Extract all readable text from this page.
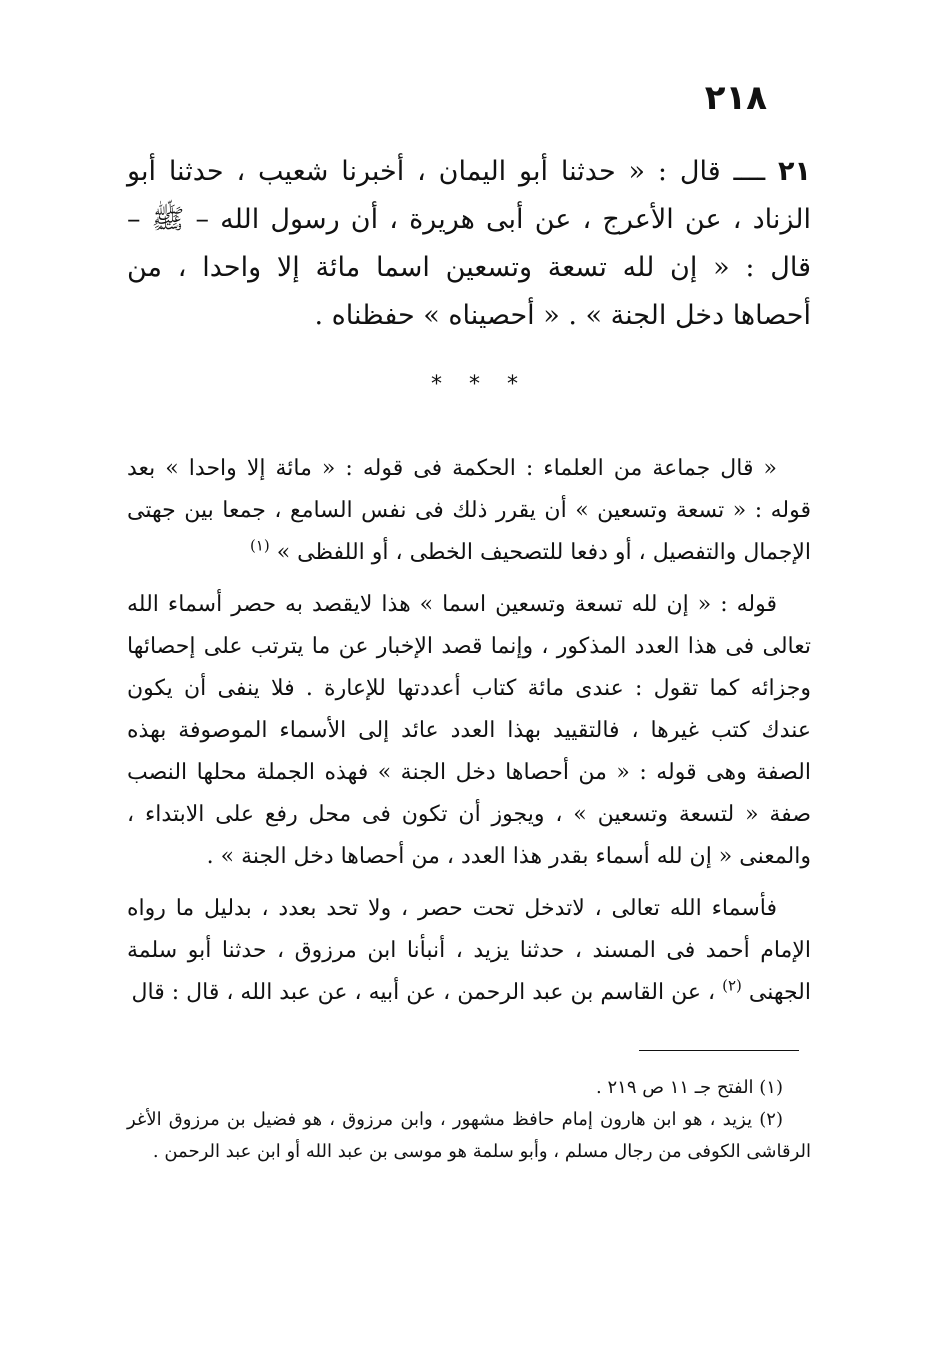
٢١٨
٢١ ــــ قال : « حدثنا أبو اليمان ، أخبرنا شعيب ، حدثنا أبو الزناد ، عن الأعرج ، عن أبى هريرة ، أن رسول الله – ﷺ – قال : « إن لله تسعة وتسعين اسما مائة إلا واحدا ، من أحصاها دخل الجنة » . « أحصيناه » حفظناه .
* * *

« قال جماعة من العلماء : الحكمة فى قوله : « مائة إلا واحدا » بعد قوله : « تسعة وتسعين » أن يقرر ذلك فى نفس السامع ، جمعا بين جهتى الإجمال والتفصيل ، أو دفعا للتصحيف الخطى ، أو اللفظى » $^{(١)}$

قوله : « إن لله تسعة وتسعين اسما » هذا لايقصد به حصر أسماء الله تعالى فى هذا العدد المذكور ، وإنما قصد الإخبار عن ما يترتب على إحصائها وجزائه كما تقول : عندى مائة كتاب أعددتها للإعارة . فلا ينفى أن يكون عندك كتب غيرها ، فالتقييد بهذا العدد عائد إلى الأسماء الموصوفة بهذه الصفة وهى قوله : « من أحصاها دخل الجنة » فهذه الجملة محلها النصب صفة « لتسعة وتسعين » ، ويجوز أن تكون فى محل رفع على الابتداء ، والمعنى « إن لله أسماء بقدر هذا العدد ، من أحصاها دخل الجنة » .

فأسماء الله تعالى ، لاتدخل تحت حصر ، ولا تحد بعدد ، بدليل ما رواه الإمام أحمد فى المسند ، حدثنا يزيد ، أنبأنا ابن مرزوق ، حدثنا أبو سلمة الجهنى $^{(٢)}$ ، عن القاسم بن عبد الرحمن ، عن أبيه ، عن عبد الله ، قال : قال

(١) الفتح جـ ١١ ص ٢١٩ .

(٢) يزيد ، هو ابن هارون إمام حافظ مشهور ، وابن مرزوق ، هو فضيل بن مرزوق الأغر الرقاشى الكوفى من رجال مسلم ، وأبو سلمة هو موسى بن عبد الله أو ابن عبد الرحمن .
